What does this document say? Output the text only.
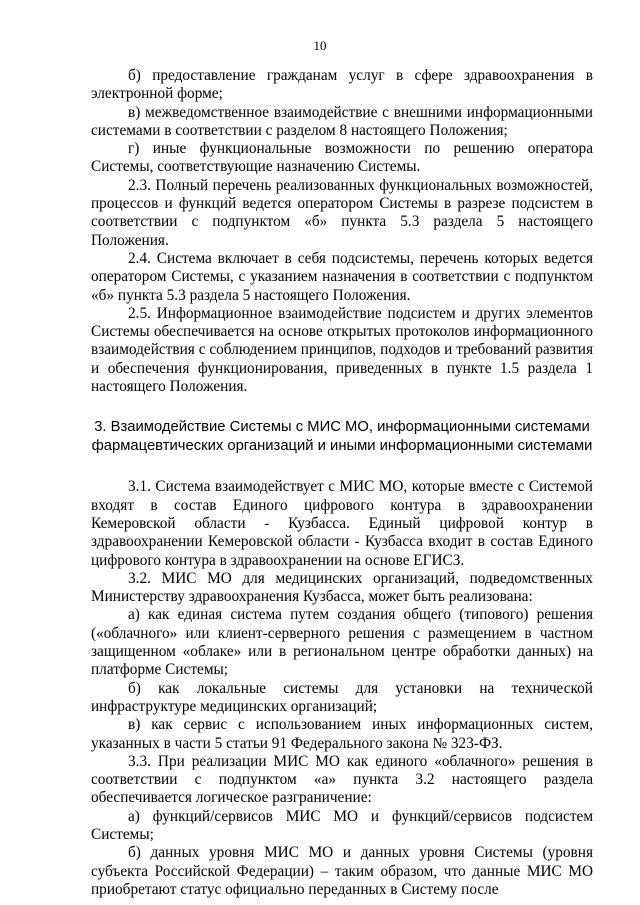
10

б) предоставление гражданам услуг в сфере здравоохранения в электронной форме;

в) межведомственное взаимодействие с внешними информационными системами в соответствии с разделом 8 настоящего Положения;

г) иные функциональные возможности по решению оператора Системы, соответствующие назначению Системы.

2.3. Полный перечень реализованных функциональных возможностей, процессов и функций ведется оператором Системы в разрезе подсистем в соответствии с подпунктом «б» пункта 5.3 раздела 5 настоящего Положения.

2.4. Система включает в себя подсистемы, перечень которых ведется оператором Системы, с указанием назначения в соответствии с подпунктом «б» пункта 5.3 раздела 5 настоящего Положения.

2.5. Информационное взаимодействие подсистем и других элементов Системы обеспечивается на основе открытых протоколов информационного взаимодействия с соблюдением принципов, подходов и требований развития и обеспечения функционирования, приведенных в пункте 1.5 раздела 1 настоящего Положения.

3. Взаимодействие Системы с МИС МО, информационными системами
фармацевтических организаций и иными информационными системами

3.1. Система взаимодействует с МИС МО, которые вместе с Системой входят в состав Единого цифрового контура в здравоохранении Кемеровской области - Кузбасса. Единый цифровой контур в здравоохранении Кемеровской области - Кузбасса входит в состав Единого цифрового контура в здравоохранении на основе ЕГИСЗ.

3.2. МИС МО для медицинских организаций, подведомственных Министерству здравоохранения Кузбасса, может быть реализована:

а) как единая система путем создания общего (типового) решения («облачного» или клиент-серверного решения с размещением в частном защищенном «облаке» или в региональном центре обработки данных) на платформе Системы;

б) как локальные системы для установки на технической инфраструктуре медицинских организаций;

в) как сервис с использованием иных информационных систем, указанных в части 5 статьи 91 Федерального закона № 323-ФЗ.

3.3. При реализации МИС МО как единого «облачного» решения в соответствии с подпунктом «а» пункта 3.2 настоящего раздела обеспечивается логическое разграничение:

а) функций/сервисов МИС МО и функций/сервисов подсистем Системы;

б) данных уровня МИС МО и данных уровня Системы (уровня субъекта Российской Федерации) – таким образом, что данные МИС МО приобретают статус официально переданных в Систему после
